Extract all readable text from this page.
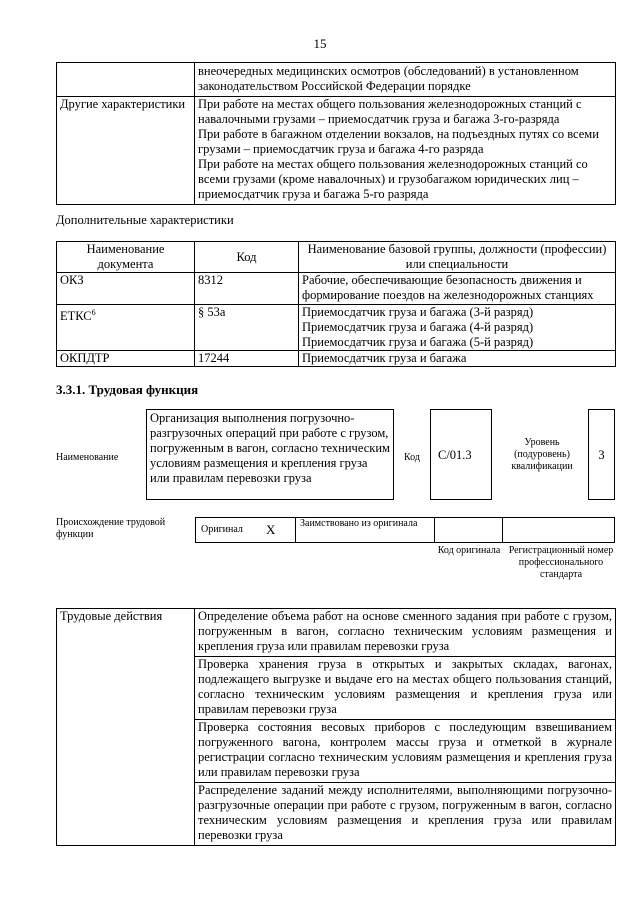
15
	внеочередных медицинских осмотров (обследований) в установленном законодательством Российской Федерации порядке
Другие характеристики	При работе на местах общего пользования железнодорожных станций с навалочными грузами – приемосдатчик груза и багажа 3-го-разряда
При работе в багажном отделении вокзалов, на подъездных путях со всеми грузами – приемосдатчик груза и багажа 4-го разряда
При работе на местах общего пользования железнодорожных станций со всеми грузами (кроме навалочных) и грузобагажом юридических лиц – приемосдатчик груза и багажа 5-го разряда
Дополнительные характеристики
Наименование документа	Код	Наименование базовой группы, должности (профессии) или специальности
ОКЗ	8312	Рабочие, обеспечивающие безопасность движения и формирование поездов на железнодорожных станциях
ЕТКС$^6$	§ 53а	Приемосдатчик груза и багажа (3-й разряд)
Приемосдатчик груза и багажа (4-й разряд)
Приемосдатчик груза и багажа (5-й разряд)

ОКПДТР	17244	Приемосдатчик груза и багажа
3.3.1. Трудовая функция
Наименование
Организация выполнения погрузочно-разгрузочных операций при работе с грузом, погруженным в вагон, согласно техническим условиям размещения и крепления груза или правилам перевозки груза
Код С/01.3
Уровень (подуровень) квалификации
3
Происхождение трудовой функции	Оригинал X Заимствовано из оригинала
Код оригинала Регистрационный номер профессионального стандарта
Трудовые действия	Определение объема работ на основе сменного задания при работе с грузом, погруженным в вагон, согласно техническим условиям размещения и крепления груза или правилам перевозки груза
Проверка хранения груза в открытых и закрытых складах, вагонах, подлежащего выгрузке и выдаче его на местах общего пользования станций, согласно техническим условиям размещения и крепления груза или правилам перевозки груза
Проверка состояния весовых приборов с последующим взвешиванием погруженного вагона, контролем массы груза и отметкой в журнале регистрации согласно техническим условиям размещения и крепления груза или правилам перевозки груза
Распределение заданий между исполнителями, выполняющими погрузочно-разгрузочные операции при работе с грузом, погруженным в вагон, согласно техническим условиям размещения и крепления груза или правилам перевозки груза
